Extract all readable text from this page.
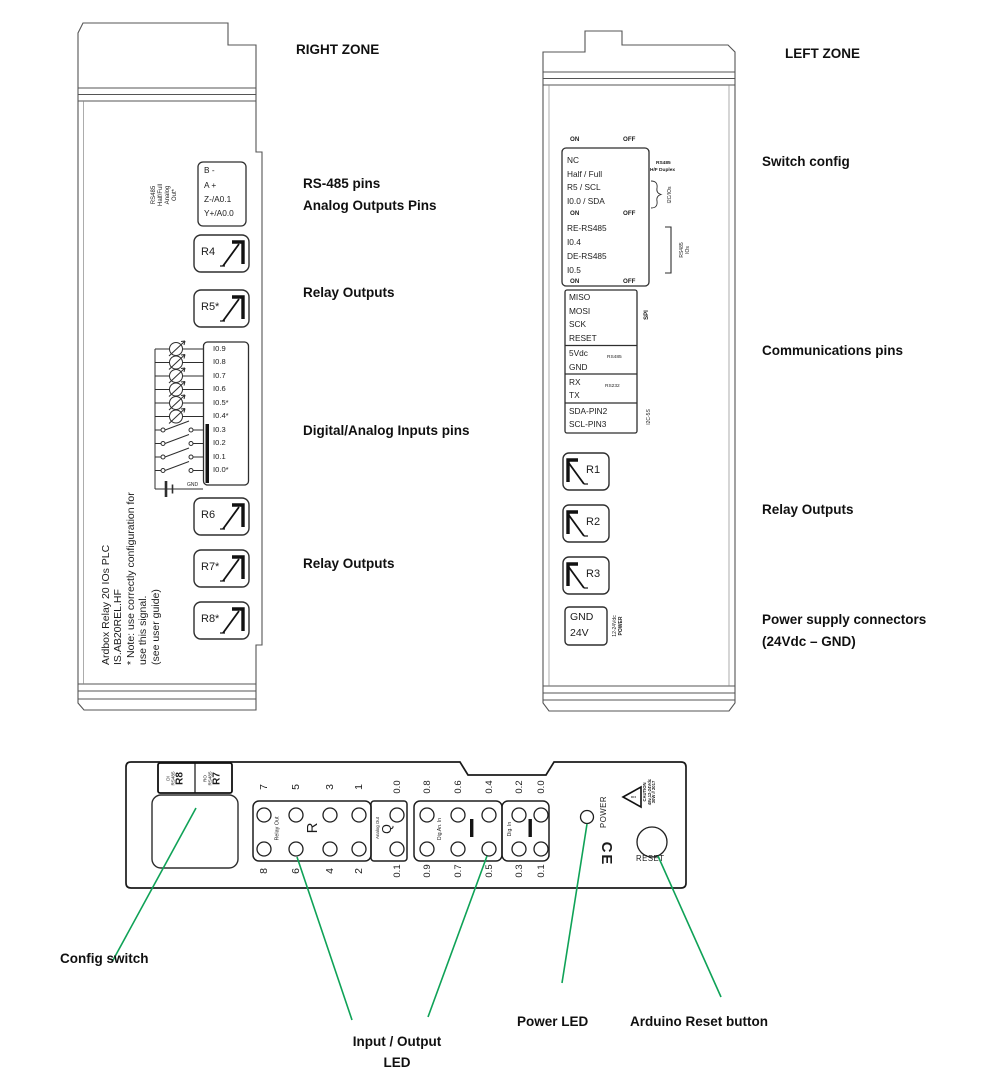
RIGHT ZONE	LEFT ZONE
RS-485 pins
Analog Outputs Pins
Relay Outputs
Digital/Analog Inputs pins
Relay Outputs
Switch config
Communications pins
Relay Outputs
Power supply connectors
(24Vdc – GND)
Config switch
Input / Output
LED
Power LED	Arduino Reset button
RS485 Half/Full Analog Out*
B -
A +
Z-/A0.1
Y+/A0.0
R4
R5*
I0.9
I0.8
I0.7
I0.6
I0.5*
I0.4*
I0.3
I0.2
I0.1
I0.0*
GND
Ardbox Relay 20 IOs PLC IS.AB20REL.HF * Note: use correctly configuration for use this signal. (see user guide)
R6
R7*
R8*
ON	OFF
NC
Half / Full
R5 / SCL
I0.0 / SDA
ON	OFF
RE-RS485
I0.4
DE-RS485
I0.5
RS485
H/F Duplex
I2C/IOs
RS485 IOs
ON	OFF
MISO
MOSI
SCK
RESET
5Vdc
GND
RX
TX
SDA-PIN2
SCL-PIN3
RS485
RS232
SPI
I2C-5S
R1
R2
R3
GND
24V	12-24Vdc POWER
DI RS485 R8	RO RS485 R7
7 5 3 1
8 6 4 2
Relay Out R
0.0
0.1
Analog Out Q
0.8 0.6 0.4
0.9 0.7 0.5
Dig.An. In
0.2 0.0
0.3 0.1
Dig. In
POWER
CE
! CAUTION 48v,12-24Vdc 30W // 2017
RESET
